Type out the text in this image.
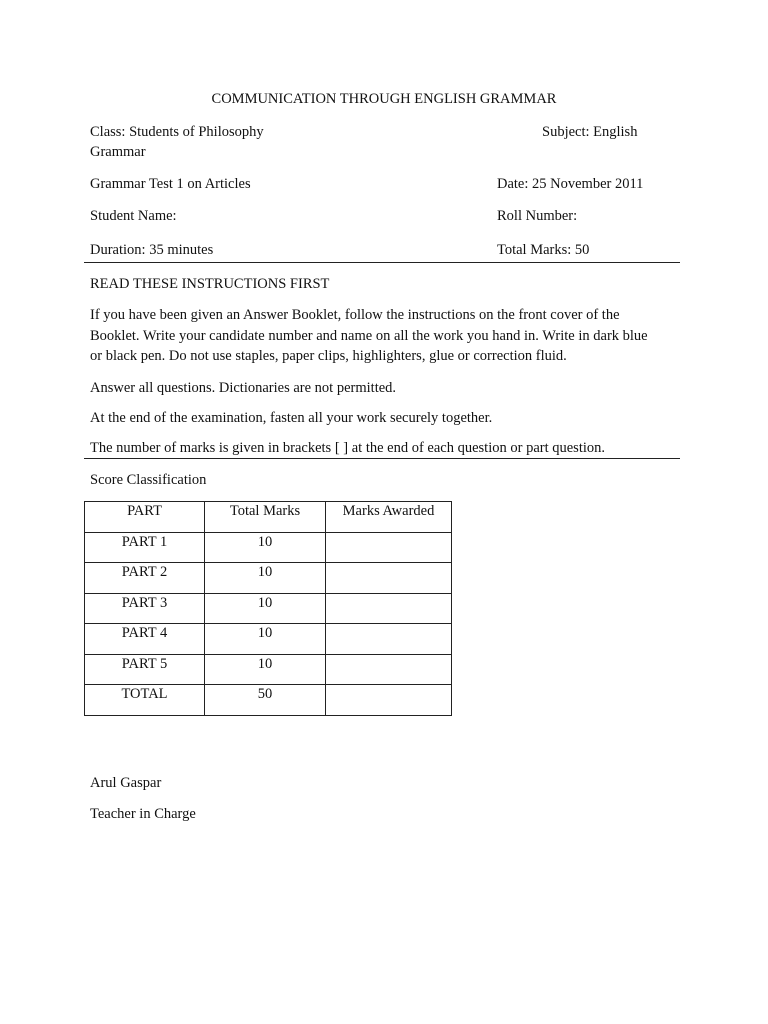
COMMUNICATION THROUGH ENGLISH GRAMMAR
Class: Students of Philosophy
Grammar
Subject: English
Grammar Test 1 on Articles	Date: 25 November 2011
Student Name:	Roll Number:
Duration: 35 minutes	Total Marks: 50
READ THESE INSTRUCTIONS FIRST
If you have been given an Answer Booklet, follow the instructions on the front cover of the
Booklet. Write your candidate number and name on all the work you hand in. Write in dark blue
or black pen. Do not use staples, paper clips, highlighters, glue or correction fluid.
Answer all questions. Dictionaries are not permitted.
At the end of the examination, fasten all your work securely together.
The number of marks is given in brackets [ ] at the end of each question or part question.
Score Classification
PART	Total Marks	Marks Awarded
PART 1	10	
PART 2	10	
PART 3	10	
PART 4	10	
PART 5	10	
TOTAL	50	
Arul Gaspar
Teacher in Charge
